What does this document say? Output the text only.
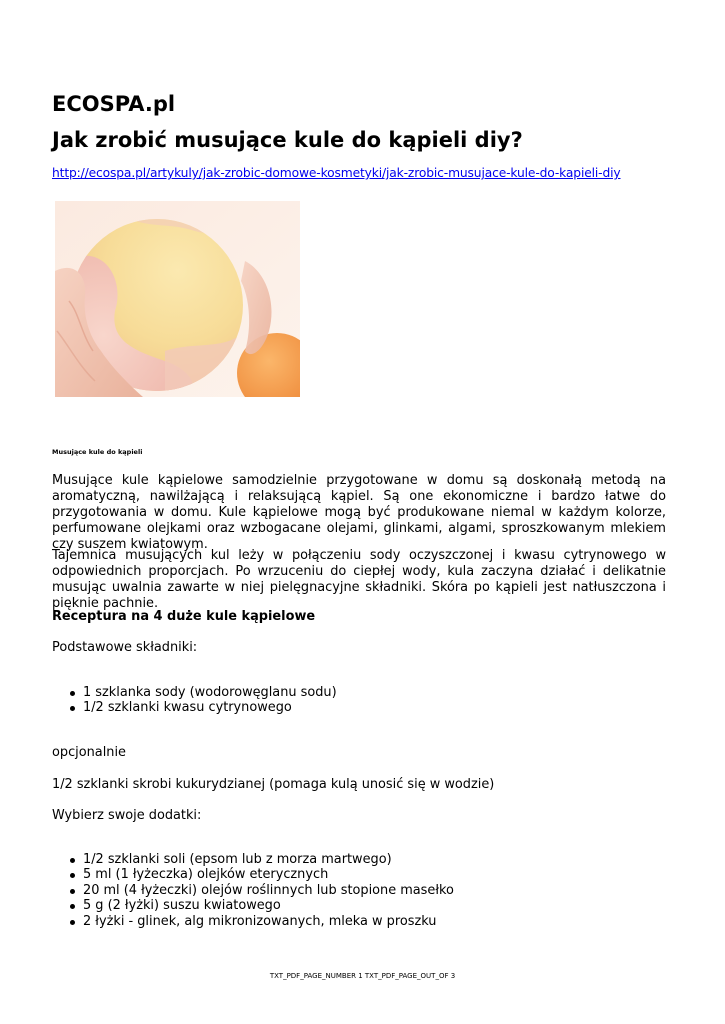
ECOSPA.pl
Jak zrobić musujące kule do kąpieli diy?
http://ecospa.pl/artykuly/jak-zrobic-domowe-kosmetyki/jak-zrobic-musujace-kule-do-kapieli-diy
Musujące kule do kąpieli

Musujące kule kąpielowe samodzielnie przygotowane w domu są doskonałą metodą na aromatyczną, nawilżającą i relaksującą kąpiel. Są one ekonomiczne i bardzo łatwe do przygotowania w domu. Kule kąpielowe mogą być produkowane niemal w każdym kolorze, perfumowane olejkami oraz wzbogacane olejami, glinkami, algami, sproszkowanym mlekiem czy suszem kwiatowym.

Tajemnica musujących kul leży w połączeniu sody oczyszczonej i kwasu cytrynowego w odpowiednich proporcjach. Po wrzuceniu do ciepłej wody, kula zaczyna działać i delikatnie musując uwalnia zawarte w niej pielęgnacyjne składniki. Skóra po kąpieli jest natłuszczona i pięknie pachnie.

Receptura na 4 duże kule kąpielowe
Podstawowe składniki:
1 szklanka sody (wodorowęglanu sodu)
1/2 szklanki kwasu cytrynowego
opcjonalnie
1/2 szklanki skrobi kukurydzianej (pomaga kulą unosić się w wodzie)
Wybierz swoje dodatki:
1/2 szklanki soli (epsom lub z morza martwego)
5 ml (1 łyżeczka) olejków eterycznych
20 ml (4 łyżeczki) olejów roślinnych lub stopione masełko
5 g (2 łyżki) suszu kwiatowego
2 łyżki - glinek, alg mikronizowanych, mleka w proszku
TXT_PDF_PAGE_NUMBER 1 TXT_PDF_PAGE_OUT_OF 3
